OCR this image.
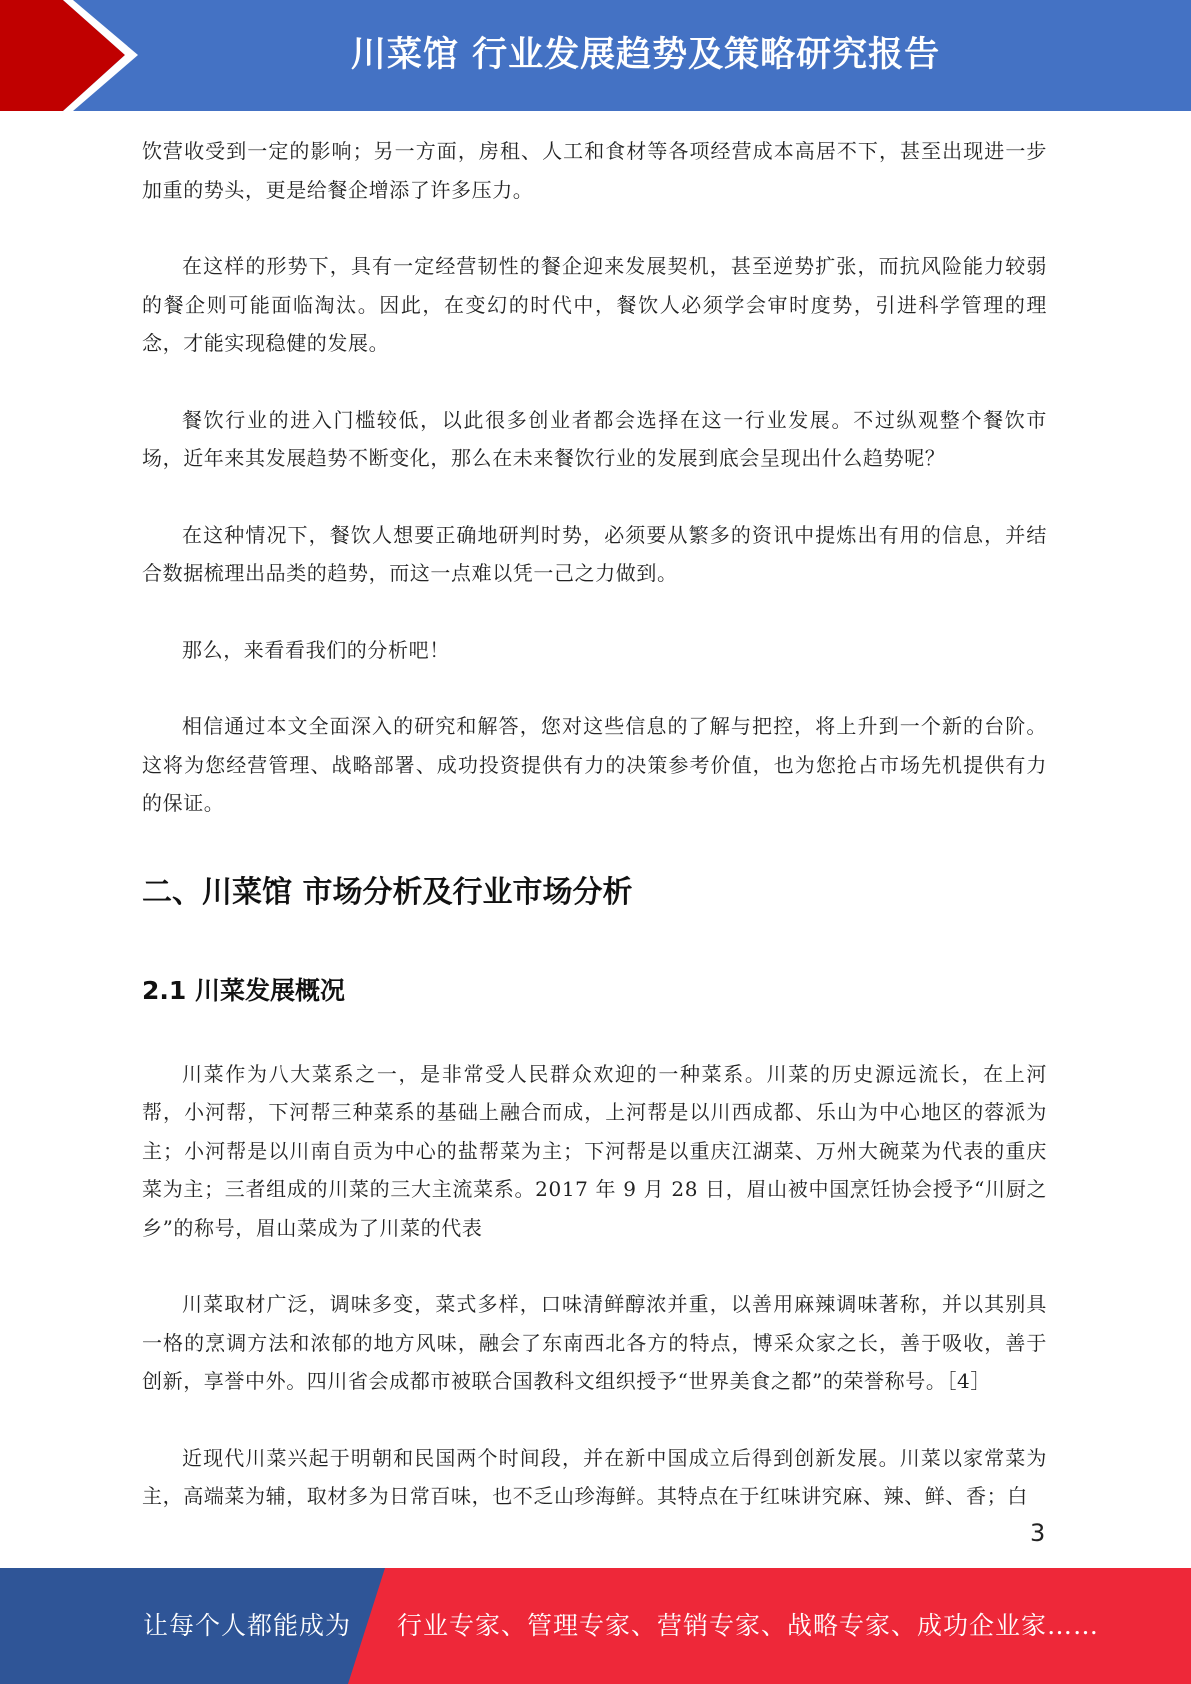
川菜馆 行业发展趋势及策略研究报告

饮营收受到一定的影响；另一方面，房租、人工和食材等各项经营成本高居不下，甚至出现进一步加重的势头，更是给餐企增添了许多压力。

在这样的形势下，具有一定经营韧性的餐企迎来发展契机，甚至逆势扩张，而抗风险能力较弱的餐企则可能面临淘汰。因此，在变幻的时代中，餐饮人必须学会审时度势，引进科学管理的理念，才能实现稳健的发展。

餐饮行业的进入门槛较低，以此很多创业者都会选择在这一行业发展。不过纵观整个餐饮市场，近年来其发展趋势不断变化，那么在未来餐饮行业的发展到底会呈现出什么趋势呢？

在这种情况下，餐饮人想要正确地研判时势，必须要从繁多的资讯中提炼出有用的信息，并结合数据梳理出品类的趋势，而这一点难以凭一己之力做到。

那么，来看看我们的分析吧！

相信通过本文全面深入的研究和解答，您对这些信息的了解与把控，将上升到一个新的台阶。这将为您经营管理、战略部署、成功投资提供有力的决策参考价值，也为您抢占市场先机提供有力的保证。

二、川菜馆 市场分析及行业市场分析
2.1 川菜发展概况

川菜作为八大菜系之一，是非常受人民群众欢迎的一种菜系。川菜的历史源远流长，在上河帮，小河帮，下河帮三种菜系的基础上融合而成，上河帮是以川西成都、乐山为中心地区的蓉派为主；小河帮是以川南自贡为中心的盐帮菜为主；下河帮是以重庆江湖菜、万州大碗菜为代表的重庆菜为主；三者组成的川菜的三大主流菜系。2017 年 9 月 28 日，眉山被中国烹饪协会授予“川厨之乡”的称号，眉山菜成为了川菜的代表

川菜取材广泛，调味多变，菜式多样，口味清鲜醇浓并重，以善用麻辣调味著称，并以其别具一格的烹调方法和浓郁的地方风味，融会了东南西北各方的特点，博采众家之长，善于吸收，善于创新，享誉中外。四川省会成都市被联合国教科文组织授予“世界美食之都”的荣誉称号。［4］

近现代川菜兴起于明朝和民国两个时间段，并在新中国成立后得到创新发展。川菜以家常菜为主，高端菜为辅，取材多为日常百味，也不乏山珍海鲜。其特点在于红味讲究麻、辣、鲜、香；白

3
让每个人都能成为 行业专家、管理专家、营销专家、战略专家、成功企业家……
